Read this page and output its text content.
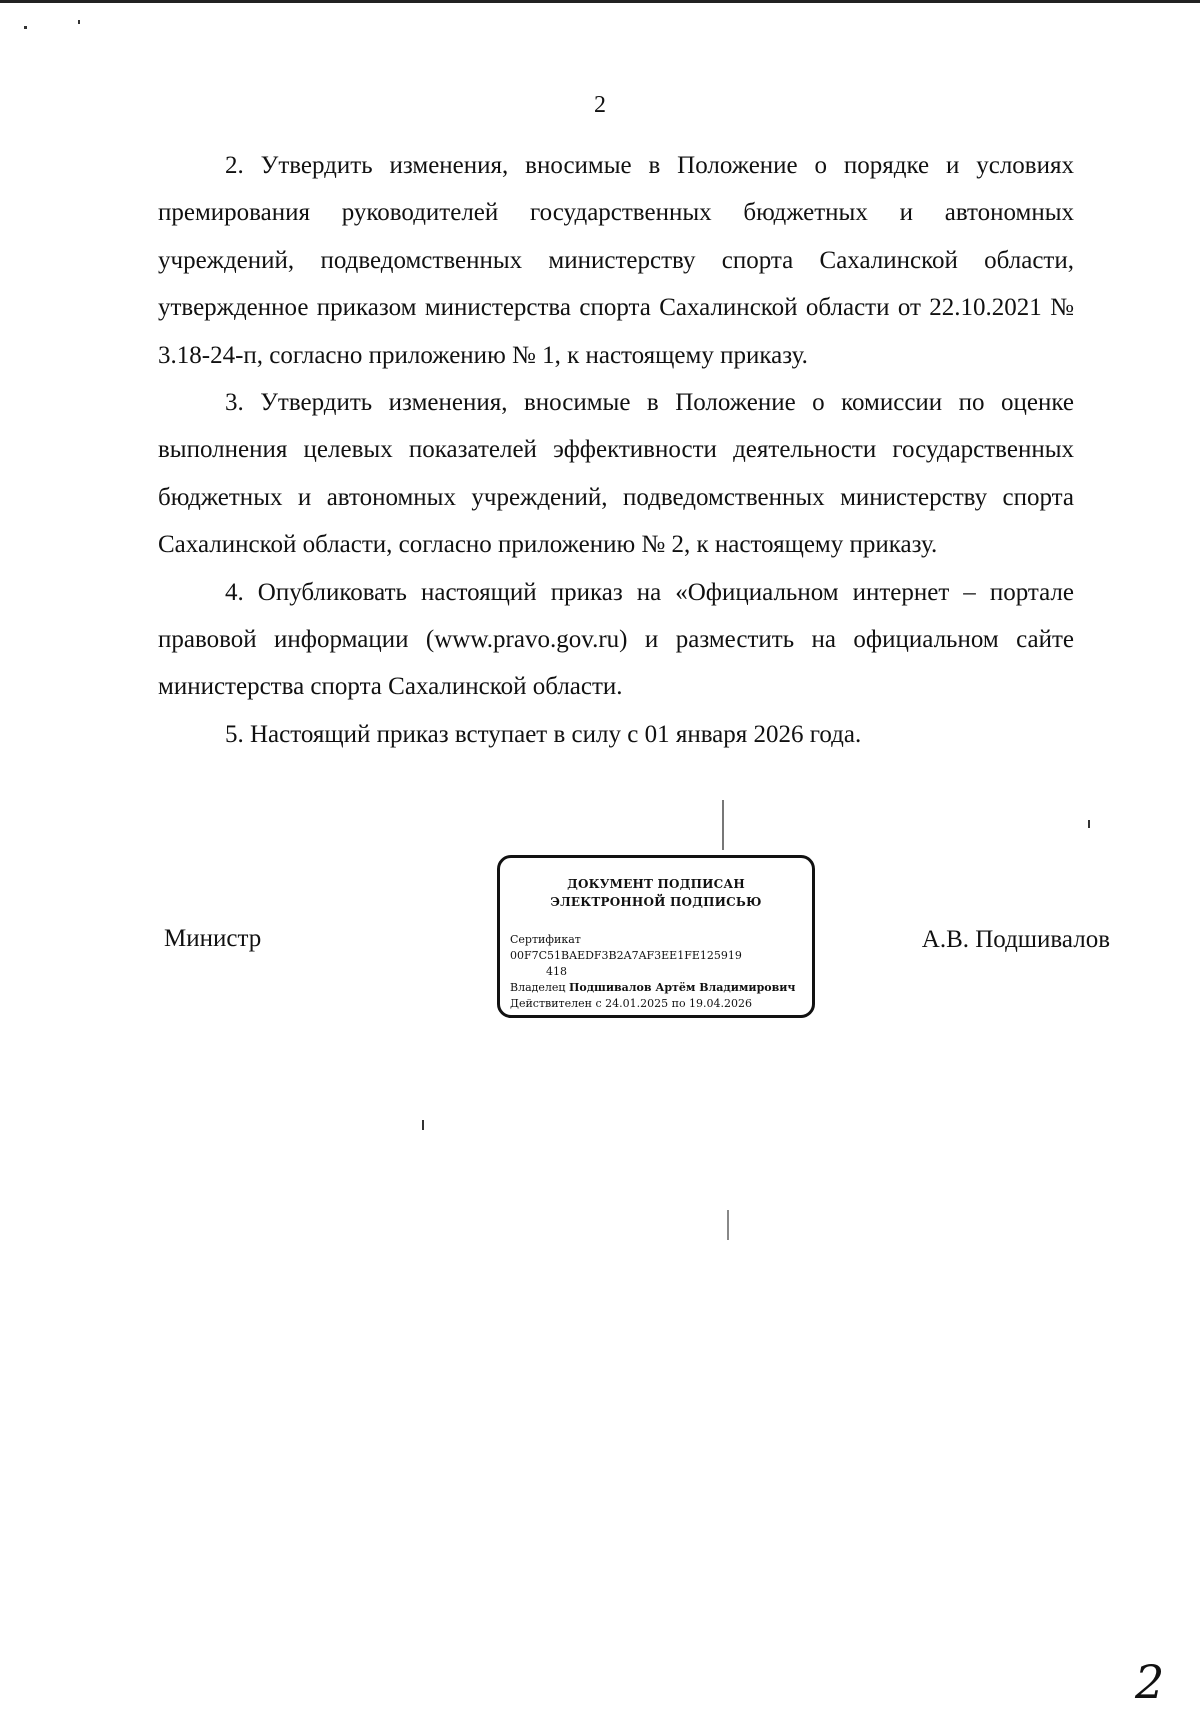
2

2. Утвердить изменения, вносимые в Положение о порядке и условиях премирования руководителей государственных бюджетных и автономных учреждений, подведомственных министерству спорта Сахалинской области, утвержденное приказом министерства спорта Сахалинской области от 22.10.2021 № 3.18-24-п, согласно приложению № 1, к настоящему приказу.

3. Утвердить изменения, вносимые в Положение о комиссии по оценке выполнения целевых показателей эффективности деятельности государственных бюджетных и автономных учреждений, подведомственных министерству спорта Сахалинской области, согласно приложению № 2, к настоящему приказу.

4. Опубликовать настоящий приказ на «Официальном интернет – портале правовой информации (www.pravo.gov.ru) и разместить на официальном сайте министерства спорта Сахалинской области.

5. Настоящий приказ вступает в силу с 01 января 2026 года.

Министр
ДОКУМЕНТ ПОДПИСАН
ЭЛЕКТРОННОЙ ПОДПИСЬЮ
Сертификат 00F7C51BAEDF3B2A7AF3EE1FE125919
418
Владелец Подшивалов Артём Владимирович
Действителен с 24.01.2025 по 19.04.2026
А.В. Подшивалов
2
